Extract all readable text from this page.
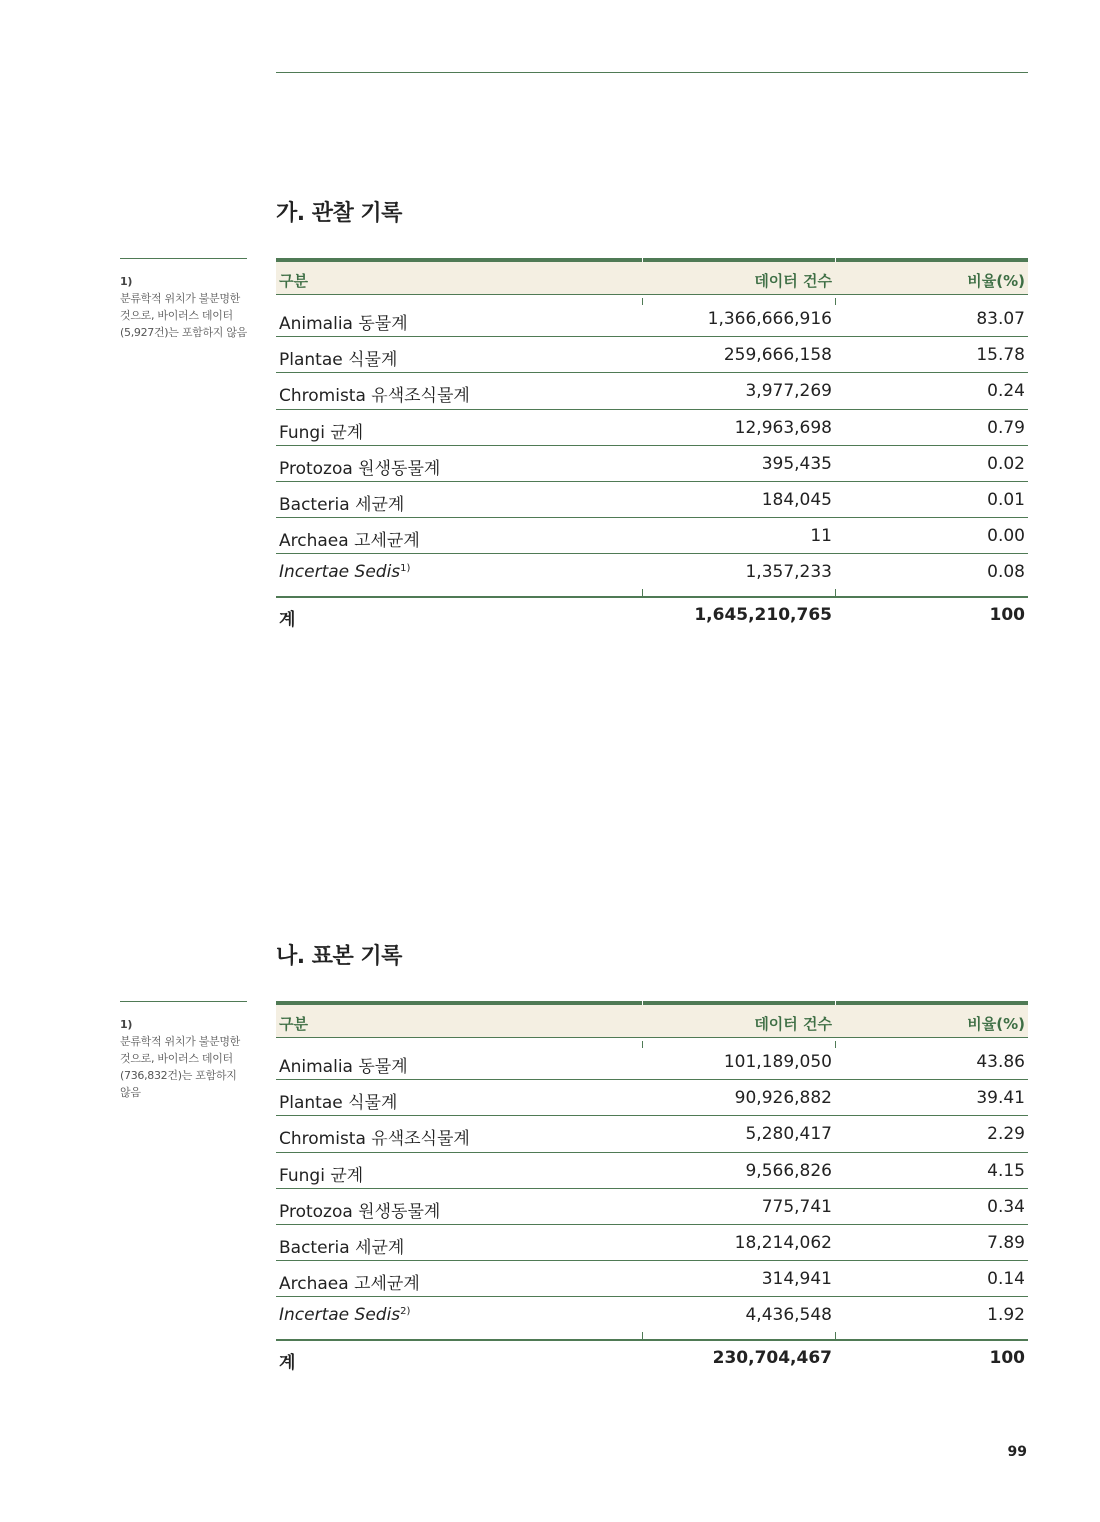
가. 관찰 기록
1)
분류학적 위치가 불분명한 것으로, 바이러스 데이터 (5,927건)는 포함하지 않음
구분	데이터 건수	비율(%)
Animalia 동물계	1,366,666,916	83.07
Plantae 식물계	259,666,158	15.78
Chromista 유색조식물계	3,977,269	0.24
Fungi 균계	12,963,698	0.79
Protozoa 원생동물계	395,435	0.02
Bacteria 세균계	184,045	0.01
Archaea 고세균계	11	0.00
Incertae Sedis$^{1)}$	1,357,233	0.08
계	1,645,210,765	100
나. 표본 기록
1)
분류학적 위치가 불분명한 것으로, 바이러스 데이터 (736,832건)는 포함하지 않음
구분	데이터 건수	비율(%)
Animalia 동물계	101,189,050	43.86
Plantae 식물계	90,926,882	39.41
Chromista 유색조식물계	5,280,417	2.29
Fungi 균계	9,566,826	4.15
Protozoa 원생동물계	775,741	0.34
Bacteria 세균계	18,214,062	7.89
Archaea 고세균계	314,941	0.14
Incertae Sedis$^{2)}$	4,436,548	1.92
계	230,704,467	100
99
